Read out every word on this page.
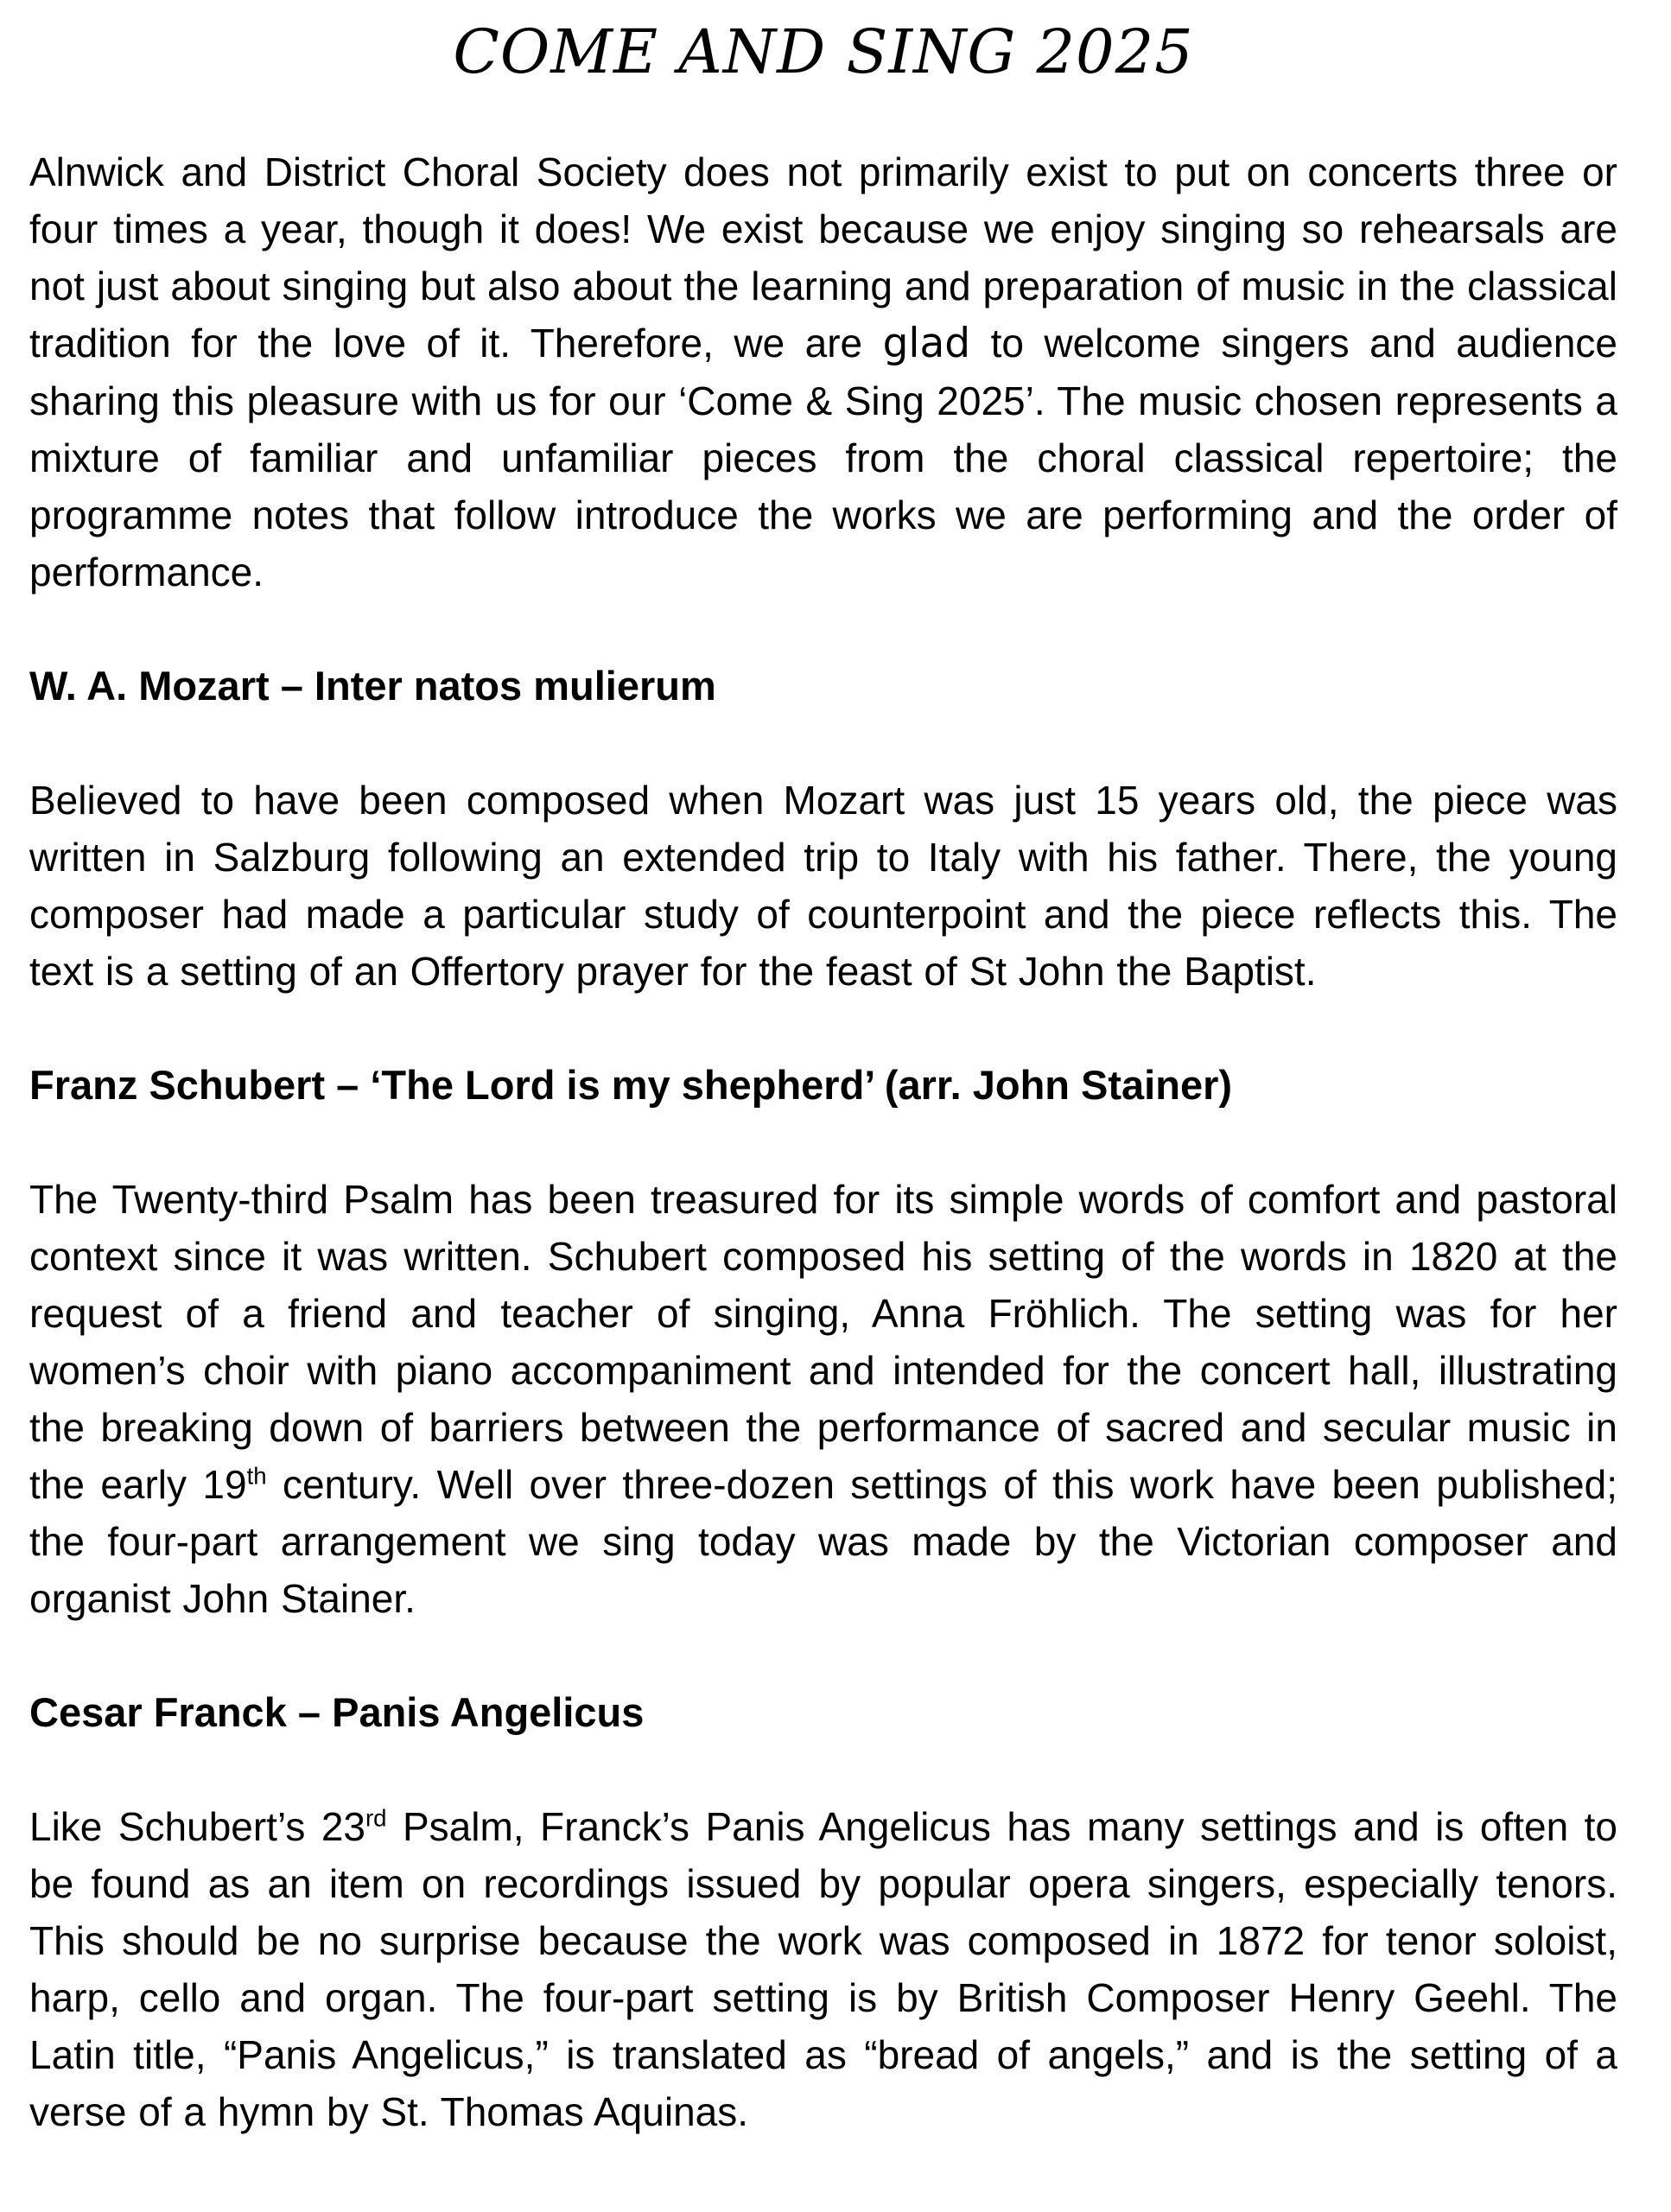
COME AND SING 2025

Alnwick and District Choral Society does not primarily exist to put on concerts three or four times a year, though it does! We exist because we enjoy singing so rehearsals are not just about singing but also about the learning and preparation of music in the classical tradition for the love of it. Therefore, we are glad to welcome singers and audience sharing this pleasure with us for our ‘Come & Sing 2025’. The music chosen represents a mixture of familiar and unfamiliar pieces from the choral classical repertoire; the programme notes that follow introduce the works we are performing and the order of performance.

W. A. Mozart – Inter natos mulierum

Believed to have been composed when Mozart was just 15 years old, the piece was written in Salzburg following an extended trip to Italy with his father. There, the young composer had made a particular study of counterpoint and the piece reflects this. The text is a setting of an Offertory prayer for the feast of St John the Baptist.

Franz Schubert – ‘The Lord is my shepherd’ (arr. John Stainer)

The Twenty-third Psalm has been treasured for its simple words of comfort and pastoral context since it was written. Schubert composed his setting of the words in 1820 at the request of a friend and teacher of singing, Anna Fröhlich. The setting was for her women’s choir with piano accompaniment and intended for the concert hall, illustrating the breaking down of barriers between the performance of sacred and secular music in the early 19th century. Well over three-dozen settings of this work have been published; the four-part arrangement we sing today was made by the Victorian composer and organist John Stainer.

Cesar Franck – Panis Angelicus

Like Schubert’s 23rd Psalm, Franck’s Panis Angelicus has many settings and is often to be found as an item on recordings issued by popular opera singers, especially tenors. This should be no surprise because the work was composed in 1872 for tenor soloist, harp, cello and organ. The four-part setting is by British Composer Henry Geehl. The Latin title, “Panis Angelicus,” is translated as “bread of angels,” and is the setting of a verse of a hymn by St. Thomas Aquinas.
